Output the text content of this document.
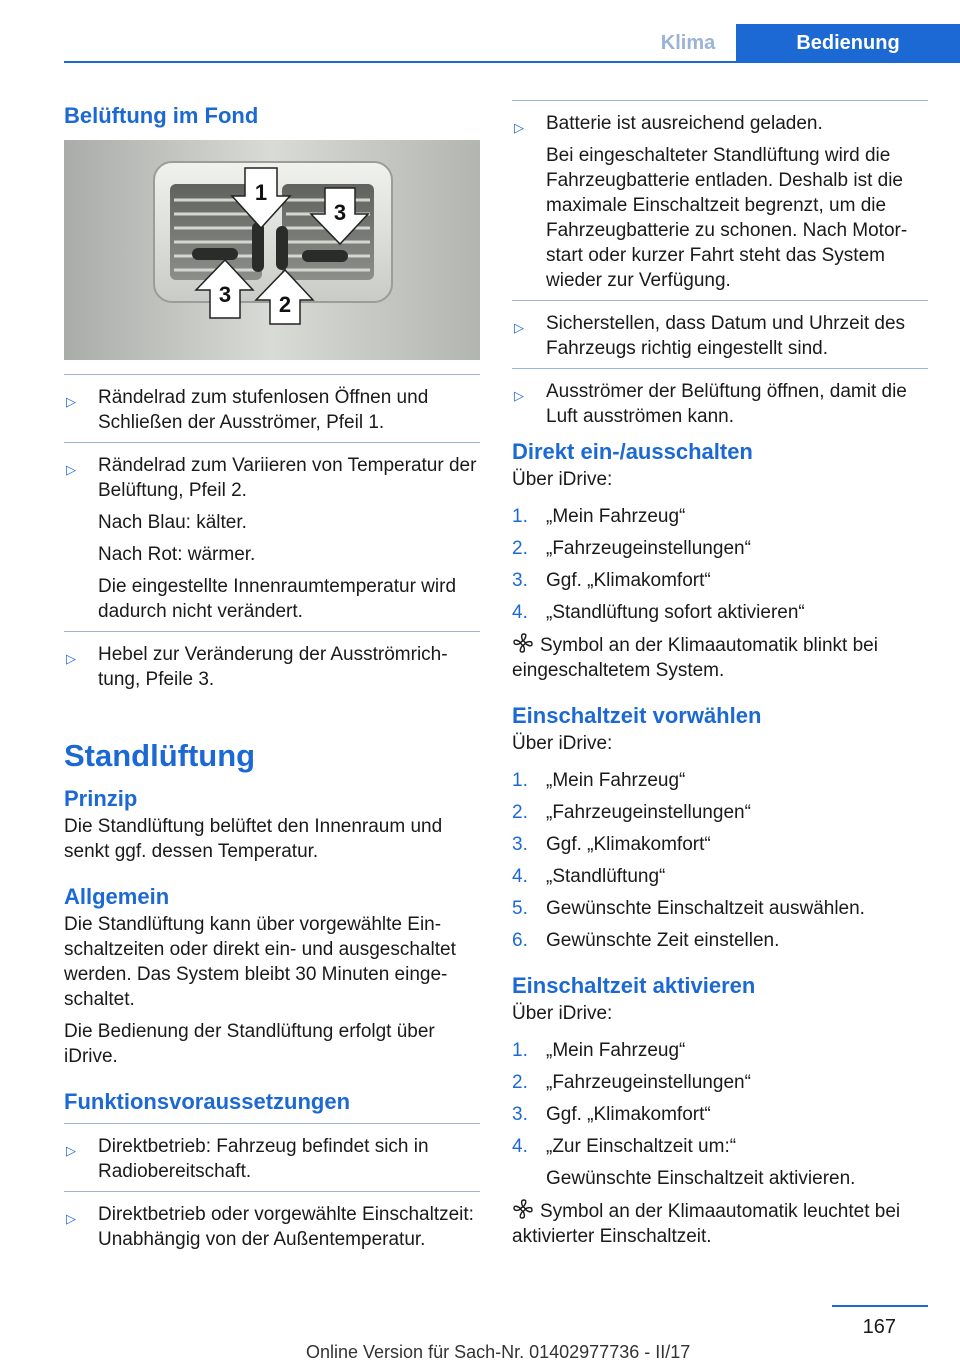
Klima	Bedienung
Belüftung im Fond
1
3
3 2
▷	Rändelrad zum stufenlosen Öffnen und Schließen der Ausströmer, Pfeil 1.

▷	Rändelrad zum Variieren von Temperatur der Belüftung, Pfeil 2.

Nach Blau: kälter.

Nach Rot: wärmer.

Die eingestellte Innenraumtemperatur wird dadurch nicht verändert.

▷	Hebel zur Veränderung der Ausströmrichtung, Pfeile 3.

Standlüftung
Prinzip

Die Standlüftung belüftet den Innenraum und senkt ggf. dessen Temperatur.

Allgemein

Die Standlüftung kann über vorgewählte Einschaltzeiten oder direkt ein- und ausgeschaltet werden. Das System bleibt 30 Minuten eingeschaltet.

Die Bedienung der Standlüftung erfolgt über iDrive.

Funktionsvoraussetzungen
▷	Direktbetrieb: Fahrzeug befindet sich in Radiobereitschaft.

▷	Direktbetrieb oder vorgewählte Einschaltzeit: Unabhängig von der Außentemperatur.

▷	Batterie ist ausreichend geladen.

Bei eingeschalteter Standlüftung wird die Fahrzeugbatterie entladen. Deshalb ist die maximale Einschaltzeit begrenzt, um die Fahrzeugbatterie zu schonen. Nach Motorstart oder kurzer Fahrt steht das System wieder zur Verfügung.

▷	Sicherstellen, dass Datum und Uhrzeit des Fahrzeugs richtig eingestellt sind.

▷	Ausströmer der Belüftung öffnen, damit die Luft ausströmen kann.

Direkt ein-/ausschalten

Über iDrive:

1. „Mein Fahrzeug“

2. „Fahrzeugeinstellungen“

3. Ggf. „Klimakomfort“

4. „Standlüftung sofort aktivieren“

Symbol an der Klimaautomatik blinkt bei eingeschaltetem System.

Einschaltzeit vorwählen

Über iDrive:

1. „Mein Fahrzeug“

2. „Fahrzeugeinstellungen“

3. Ggf. „Klimakomfort“

4. „Standlüftung“

5. Gewünschte Einschaltzeit auswählen.

6. Gewünschte Zeit einstellen.

Einschaltzeit aktivieren

Über iDrive:

1. „Mein Fahrzeug“

2. „Fahrzeugeinstellungen“

3. Ggf. „Klimakomfort“

4. „Zur Einschaltzeit um:“

Gewünschte Einschaltzeit aktivieren.

Symbol an der Klimaautomatik leuchtet bei aktivierter Einschaltzeit.

167
Online Version für Sach-Nr. 01402977736 - II/17
